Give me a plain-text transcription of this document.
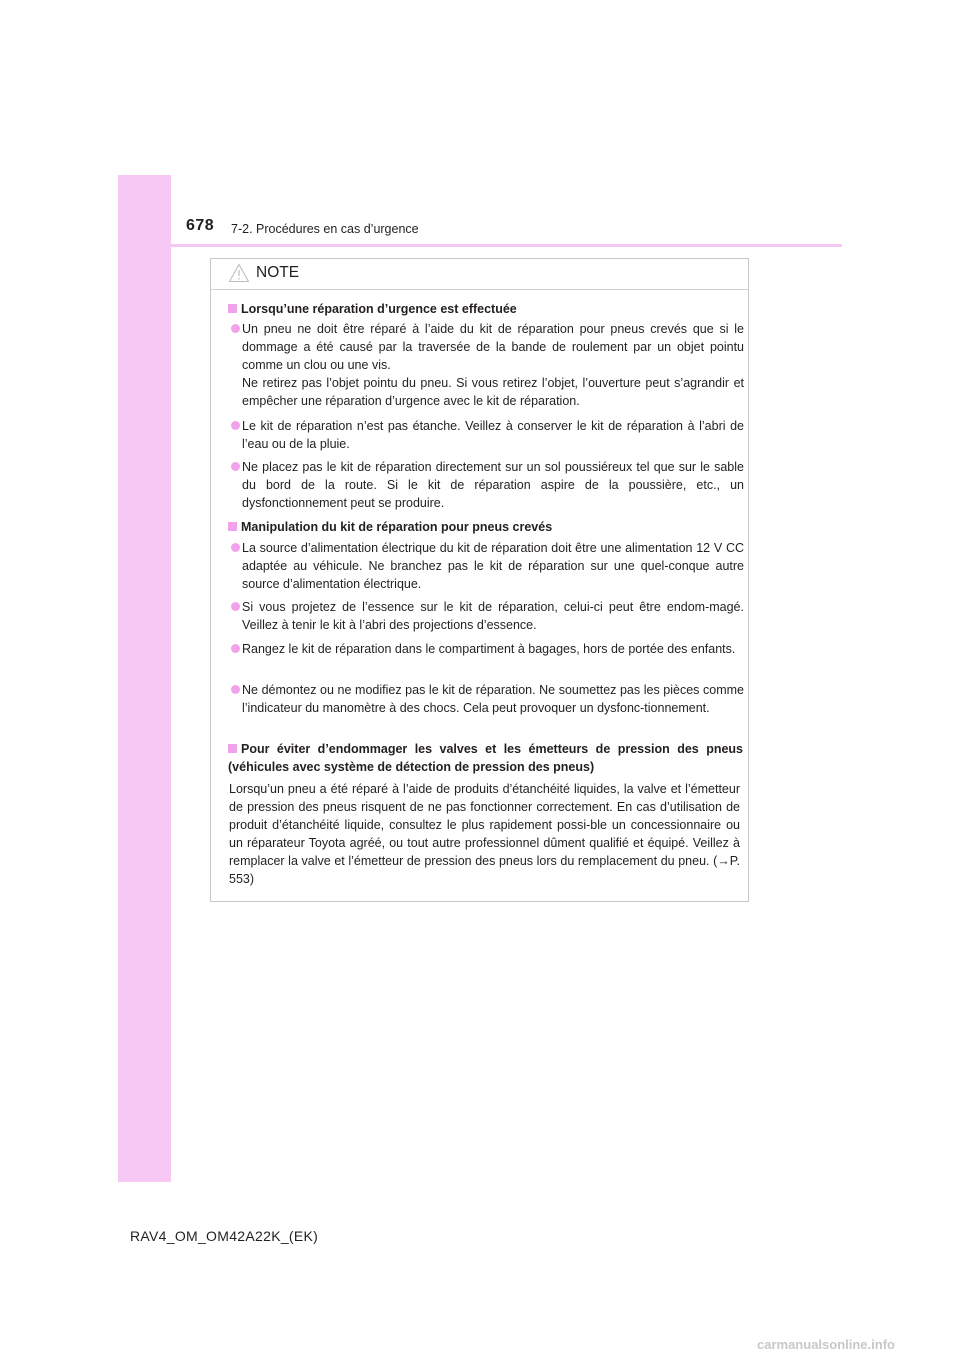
678 7-2. Procédures en cas d’urgence
NOTE
Lorsqu’une réparation d’urgence est effectuée
Un pneu ne doit être réparé à l’aide du kit de réparation pour pneus crevés que si le dommage a été causé par la traversée de la bande de roulement par un objet pointu comme un clou ou une vis.
Ne retirez pas l’objet pointu du pneu. Si vous retirez l’objet, l’ouverture peut s’agrandir et empêcher une réparation d’urgence avec le kit de réparation.
Le kit de réparation n’est pas étanche. Veillez à conserver le kit de réparation à l’abri de l’eau ou de la pluie.
Ne placez pas le kit de réparation directement sur un sol poussiéreux tel que sur le sable du bord de la route. Si le kit de réparation aspire de la poussière, etc., un dysfonctionnement peut se produire.
Manipulation du kit de réparation pour pneus crevés
La source d’alimentation électrique du kit de réparation doit être une alimentation 12 V CC adaptée au véhicule. Ne branchez pas le kit de réparation sur une quel-conque autre source d’alimentation électrique.
Si vous projetez de l’essence sur le kit de réparation, celui-ci peut être endom-magé. Veillez à tenir le kit à l’abri des projections d’essence.
Rangez le kit de réparation dans le compartiment à bagages, hors de portée des enfants.
Ne démontez ou ne modifiez pas le kit de réparation. Ne soumettez pas les pièces comme l’indicateur du manomètre à des chocs. Cela peut provoquer un dysfonc-tionnement.
Pour éviter d’endommager les valves et les émetteurs de pression des pneus (véhicules avec système de détection de pression des pneus)
Lorsqu’un pneu a été réparé à l’aide de produits d’étanchéité liquides, la valve et l’émetteur de pression des pneus risquent de ne pas fonctionner correctement. En cas d’utilisation de produit d’étanchéité liquide, consultez le plus rapidement possi-ble un concessionnaire ou un réparateur Toyota agréé, ou tout autre professionnel dûment qualifié et équipé. Veillez à remplacer la valve et l’émetteur de pression des pneus lors du remplacement du pneu. (→P. 553)
RAV4_OM_OM42A22K_(EK)
carmanualsonline.info
